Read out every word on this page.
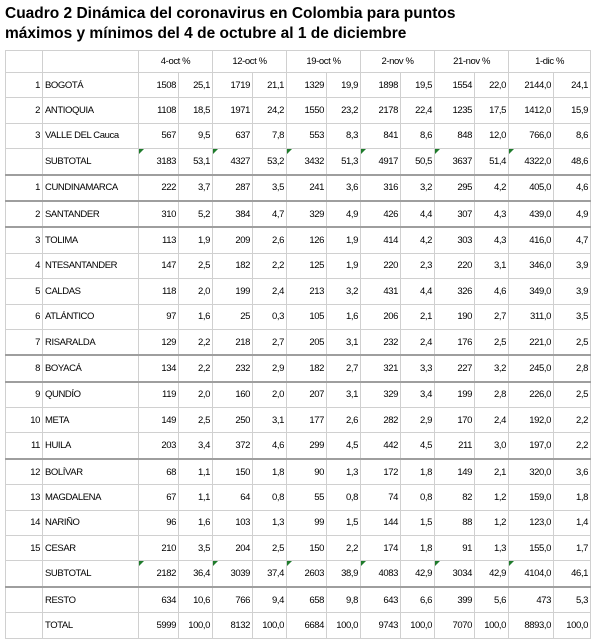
Cuadro 2 Dinámica del coronavirus en Colombia para puntos
máximos y mínimos del 4 de octubre al 1 de diciembre
		4-oct %		12-oct %		19-oct %		2-nov %		21-nov %		1-dic %	
1	BOGOTÁ	1508	25,1	1719	21,1	1329	19,9	1898	19,5	1554	22,0	2144,0	24,1
2	ANTIOQUIA	1108	18,5	1971	24,2	1550	23,2	2178	22,4	1235	17,5	1412,0	15,9
3	VALLE DEL Cauca	567	9,5	637	7,8	553	8,3	841	8,6	848	12,0	766,0	8,6
	SUBTOTAL	3183	53,1	4327	53,2	3432	51,3	4917	50,5	3637	51,4	4322,0	48,6
1	CUNDINAMARCA	222	3,7	287	3,5	241	3,6	316	3,2	295	4,2	405,0	4,6
2	SANTANDER	310	5,2	384	4,7	329	4,9	426	4,4	307	4,3	439,0	4,9
3	TOLIMA	113	1,9	209	2,6	126	1,9	414	4,2	303	4,3	416,0	4,7
4	NTESANTANDER	147	2,5	182	2,2	125	1,9	220	2,3	220	3,1	346,0	3,9
5	CALDAS	118	2,0	199	2,4	213	3,2	431	4,4	326	4,6	349,0	3,9
6	ATLÁNTICO	97	1,6	25	0,3	105	1,6	206	2,1	190	2,7	311,0	3,5
7	RISARALDA	129	2,2	218	2,7	205	3,1	232	2,4	176	2,5	221,0	2,5
8	BOYACÁ	134	2,2	232	2,9	182	2,7	321	3,3	227	3,2	245,0	2,8
9	QUNDÍO	119	2,0	160	2,0	207	3,1	329	3,4	199	2,8	226,0	2,5
10	META	149	2,5	250	3,1	177	2,6	282	2,9	170	2,4	192,0	2,2
11	HUILA	203	3,4	372	4,6	299	4,5	442	4,5	211	3,0	197,0	2,2
12	BOLÍVAR	68	1,1	150	1,8	90	1,3	172	1,8	149	2,1	320,0	3,6
13	MAGDALENA	67	1,1	64	0,8	55	0,8	74	0,8	82	1,2	159,0	1,8
14	NARIÑO	96	1,6	103	1,3	99	1,5	144	1,5	88	1,2	123,0	1,4
15	CESAR	210	3,5	204	2,5	150	2,2	174	1,8	91	1,3	155,0	1,7
	SUBTOTAL	2182	36,4	3039	37,4	2603	38,9	4083	42,9	3034	42,9	4104,0	46,1
	RESTO	634	10,6	766	9,4	658	9,8	643	6,6	399	5,6	473	5,3
	TOTAL	5999	100,0	8132	100,0	6684	100,0	9743	100,0	7070	100,0	8893,0	100,0
